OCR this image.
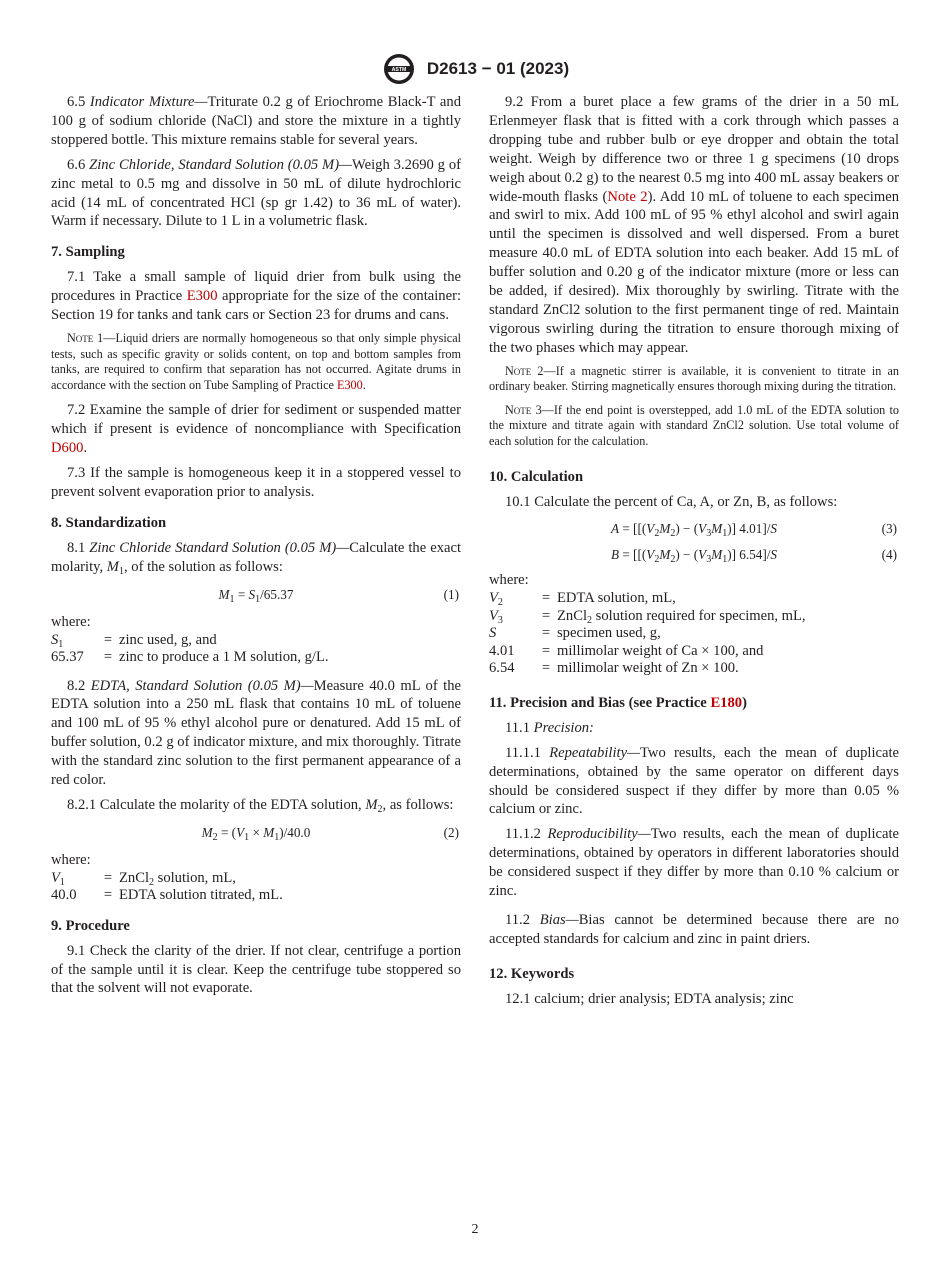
ASTM D2613 − 01 (2023)

6.5 Indicator Mixture—Triturate 0.2 g of Eriochrome Black-T and 100 g of sodium chloride (NaCl) and store the mixture in a tightly stoppered bottle. This mixture remains stable for several years.

6.6 Zinc Chloride, Standard Solution (0.05 M)—Weigh 3.2690 g of zinc metal to 0.5 mg and dissolve in 50 mL of dilute hydrochloric acid (14 mL of concentrated HCl (sp gr 1.42) to 36 mL of water). Warm if necessary. Dilute to 1 L in a volumetric flask.

7. Sampling

7.1 Take a small sample of liquid drier from bulk using the procedures in Practice E300 appropriate for the size of the container: Section 19 for tanks and tank cars or Section 23 for drums and cans.

Note 1—Liquid driers are normally homogeneous so that only simple physical tests, such as specific gravity or solids content, on top and bottom samples from tanks, are required to confirm that separation has not occurred. Agitate drums in accordance with the section on Tube Sampling of Practice E300.

7.2 Examine the sample of drier for sediment or suspended matter which if present is evidence of noncompliance with Specification D600.

7.3 If the sample is homogeneous keep it in a stoppered vessel to prevent solvent evaporation prior to analysis.

8. Standardization

8.1 Zinc Chloride Standard Solution (0.05 M)—Calculate the exact molarity, $M_1$, of the solution as follows:

$M_1 = S_1/65.37$	(1)
where:
$S_1$	=	zinc used, g, and
65.37	=	zinc to produce a 1 M solution, g/L.

8.2 EDTA, Standard Solution (0.05 M)—Measure 40.0 mL of the EDTA solution into a 250 mL flask that contains 10 mL of toluene and 100 mL of 95 % ethyl alcohol pure or denatured. Add 15 mL of buffer solution, 0.2 g of indicator mixture, and mix thoroughly. Titrate with the standard zinc solution to the first permanent appearance of a red color.

8.2.1 Calculate the molarity of the EDTA solution, $M_2$, as follows:

$M_2 = (V_1 \times M_1)/40.0$	(2)
where:
$V_1$	=	ZnCl$_2$ solution, mL,
40.0	=	EDTA solution titrated, mL.
9. Procedure

9.1 Check the clarity of the drier. If not clear, centrifuge a portion of the sample until it is clear. Keep the centrifuge tube stoppered so that the solvent will not evaporate.

9.2 From a buret place a few grams of the drier in a 50 mL Erlenmeyer flask that is fitted with a cork through which passes a dropping tube and rubber bulb or eye dropper and obtain the total weight. Weigh by difference two or three 1 g specimens (10 drops weigh about 0.2 g) to the nearest 0.5 mg into 400 mL assay beakers or wide-mouth flasks (Note 2). Add 10 mL of toluene to each specimen and swirl to mix. Add 100 mL of 95 % ethyl alcohol and swirl again until the specimen is dissolved and well dispersed. From a buret measure 40.0 mL of EDTA solution into each beaker. Add 15 mL of buffer solution and 0.20 g of the indicator mixture (more or less can be added, if desired). Mix thoroughly by swirling. Titrate with the standard ZnCl2 solution to the first permanent tinge of red. Maintain vigorous swirling during the titration to ensure thorough mixing of the two phases which may appear.

Note 2—If a magnetic stirrer is available, it is convenient to titrate in an ordinary beaker. Stirring magnetically ensures thorough mixing during the titration.
Note 3—If the end point is overstepped, add 1.0 mL of the EDTA solution to the mixture and titrate again with standard ZnCl2 solution. Use total volume of each solution for the calculation.
10. Calculation

10.1 Calculate the percent of Ca, A, or Zn, B, as follows:

$A = [[(V_2M_2) - (V_3M_1)]$ 4.01]/S	(3)
$B = [[(V_2M_2) - (V_3M_1)]$ 6.54]/S	(4)
where:
$V_2$	=	EDTA solution, mL,
$V_3$	=	ZnCl$_2$ solution required for specimen, mL,
S	=	specimen used, g,
4.01	=	millimolar weight of Ca × 100, and
6.54	=	millimolar weight of Zn × 100.
11. Precision and Bias (see Practice E180)

11.1 Precision:

11.1.1 Repeatability—Two results, each the mean of duplicate determinations, obtained by the same operator on different days should be considered suspect if they differ by more than 0.05 % calcium or zinc.

11.1.2 Reproducibility—Two results, each the mean of duplicate determinations, obtained by operators in different laboratories should be considered suspect if they differ by more than 0.10 % calcium or zinc.

11.2 Bias—Bias cannot be determined because there are no accepted standards for calcium and zinc in paint driers.

12. Keywords

12.1 calcium; drier analysis; EDTA analysis; zinc

2
